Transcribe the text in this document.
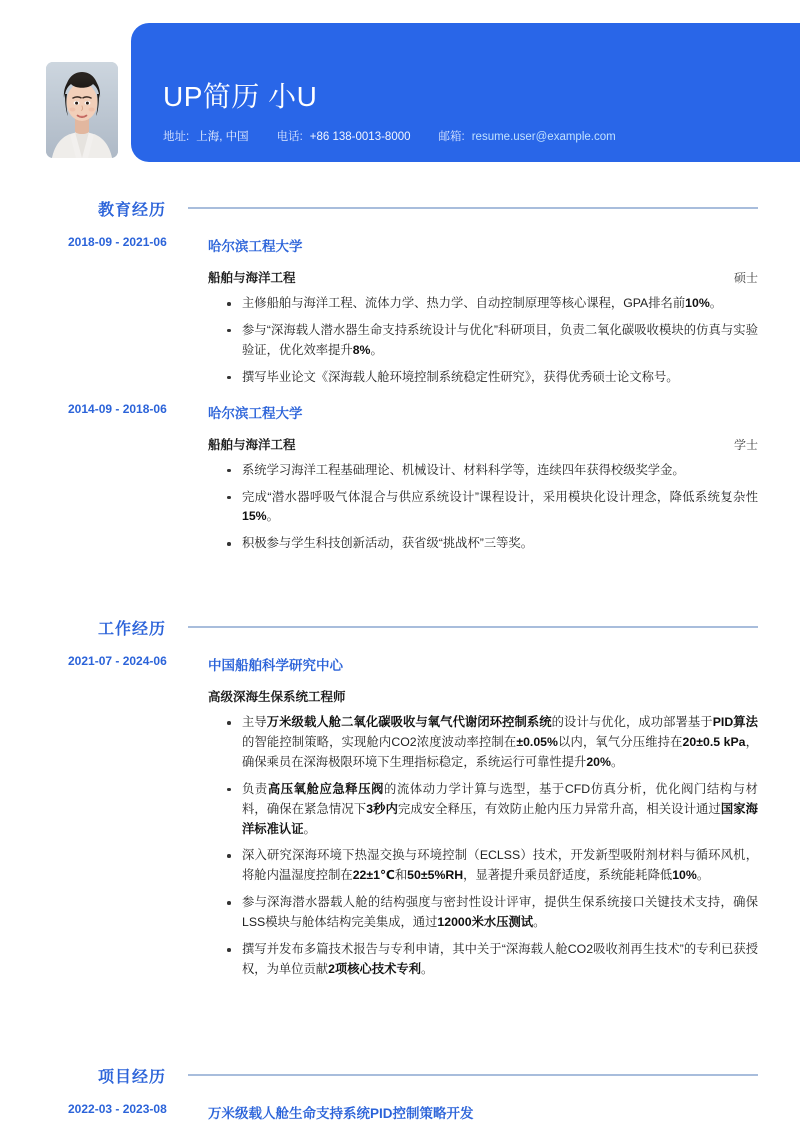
UP简历 小U
地址: 上海, 中国 电话: +86 138-0013-8000 邮箱: resume.user@example.com
教育经历
2018-09 - 2021-06	哈尔滨工程大学
船舶与海洋工程	硕士
主修船舶与海洋工程、流体力学、热力学、自动控制原理等核心课程，GPA排名前10%。
参与“深海载人潜水器生命支持系统设计与优化”科研项目，负责二氧化碳吸收模块的仿真与实验验证，优化效率提升8%。
撰写毕业论文《深海载人舱环境控制系统稳定性研究》，获得优秀硕士论文称号。
2014-09 - 2018-06	哈尔滨工程大学
船舶与海洋工程	学士
系统学习海洋工程基础理论、机械设计、材料科学等，连续四年获得校级奖学金。
完成“潜水器呼吸气体混合与供应系统设计”课程设计，采用模块化设计理念，降低系统复杂性15%。
积极参与学生科技创新活动，获省级“挑战杯”三等奖。
工作经历
2021-07 - 2024-06	中国船舶科学研究中心
高级深海生保系统工程师
主导万米级载人舱二氧化碳吸收与氧气代谢闭环控制系统的设计与优化，成功部署基于PID算法的智能控制策略，实现舱内CO2浓度波动率控制在±0.05%以内，氧气分压维持在20±0.5 kPa，确保乘员在深海极限环境下生理指标稳定，系统运行可靠性提升20%。
负责高压氧舱应急释压阀的流体动力学计算与选型，基于CFD仿真分析，优化阀门结构与材料，确保在紧急情况下3秒内完成安全释压，有效防止舱内压力异常升高，相关设计通过国家海洋标准认证。
深入研究深海环境下热湿交换与环境控制（ECLSS）技术，开发新型吸附剂材料与循环风机，将舱内温湿度控制在22±1℃和50±5%RH，显著提升乘员舒适度，系统能耗降低10%。
参与深海潜水器载人舱的结构强度与密封性设计评审，提供生保系统接口关键技术支持，确保LSS模块与舱体结构完美集成，通过12000米水压测试。
撰写并发布多篇技术报告与专利申请，其中关于“深海载人舱CO2吸收剂再生技术”的专利已获授权，为单位贡献2项核心技术专利。
项目经历
2022-03 - 2023-08	万米级载人舱生命支持系统PID控制策略开发
